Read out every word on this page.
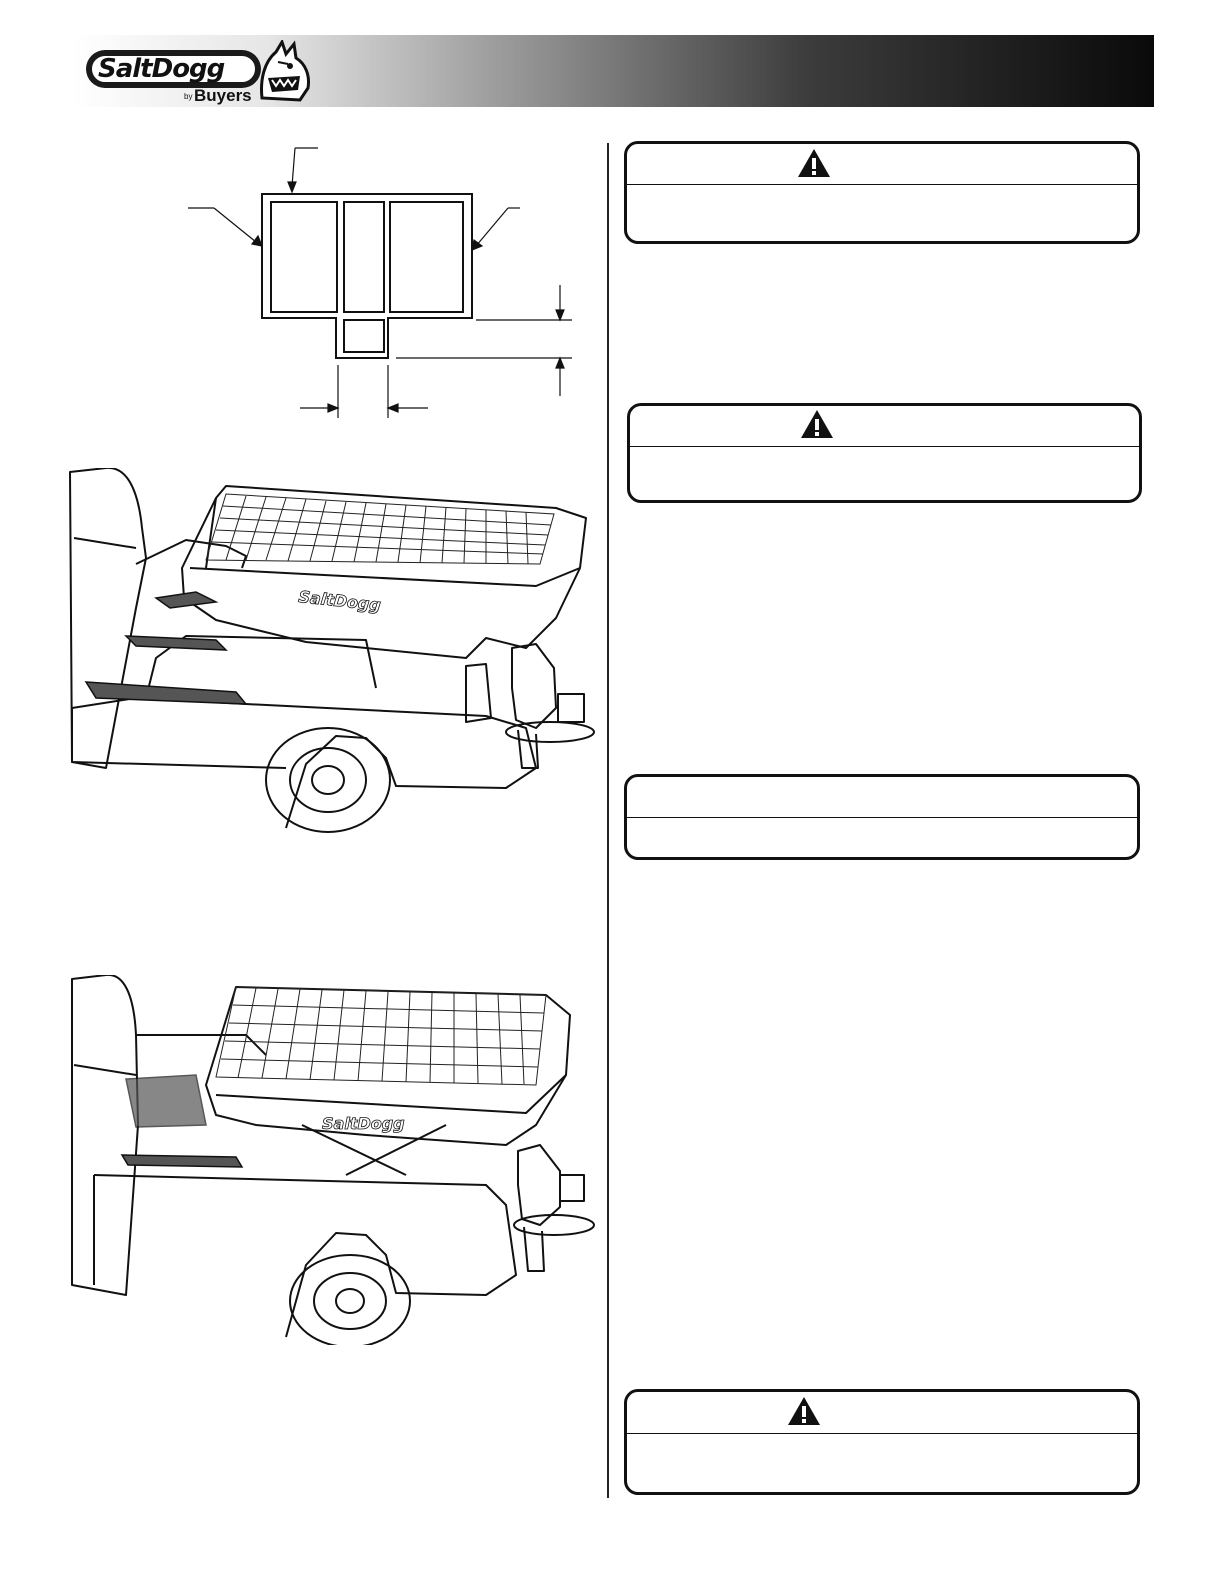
SaltDogg
by Buyers
SaltDogg
SaltDogg
